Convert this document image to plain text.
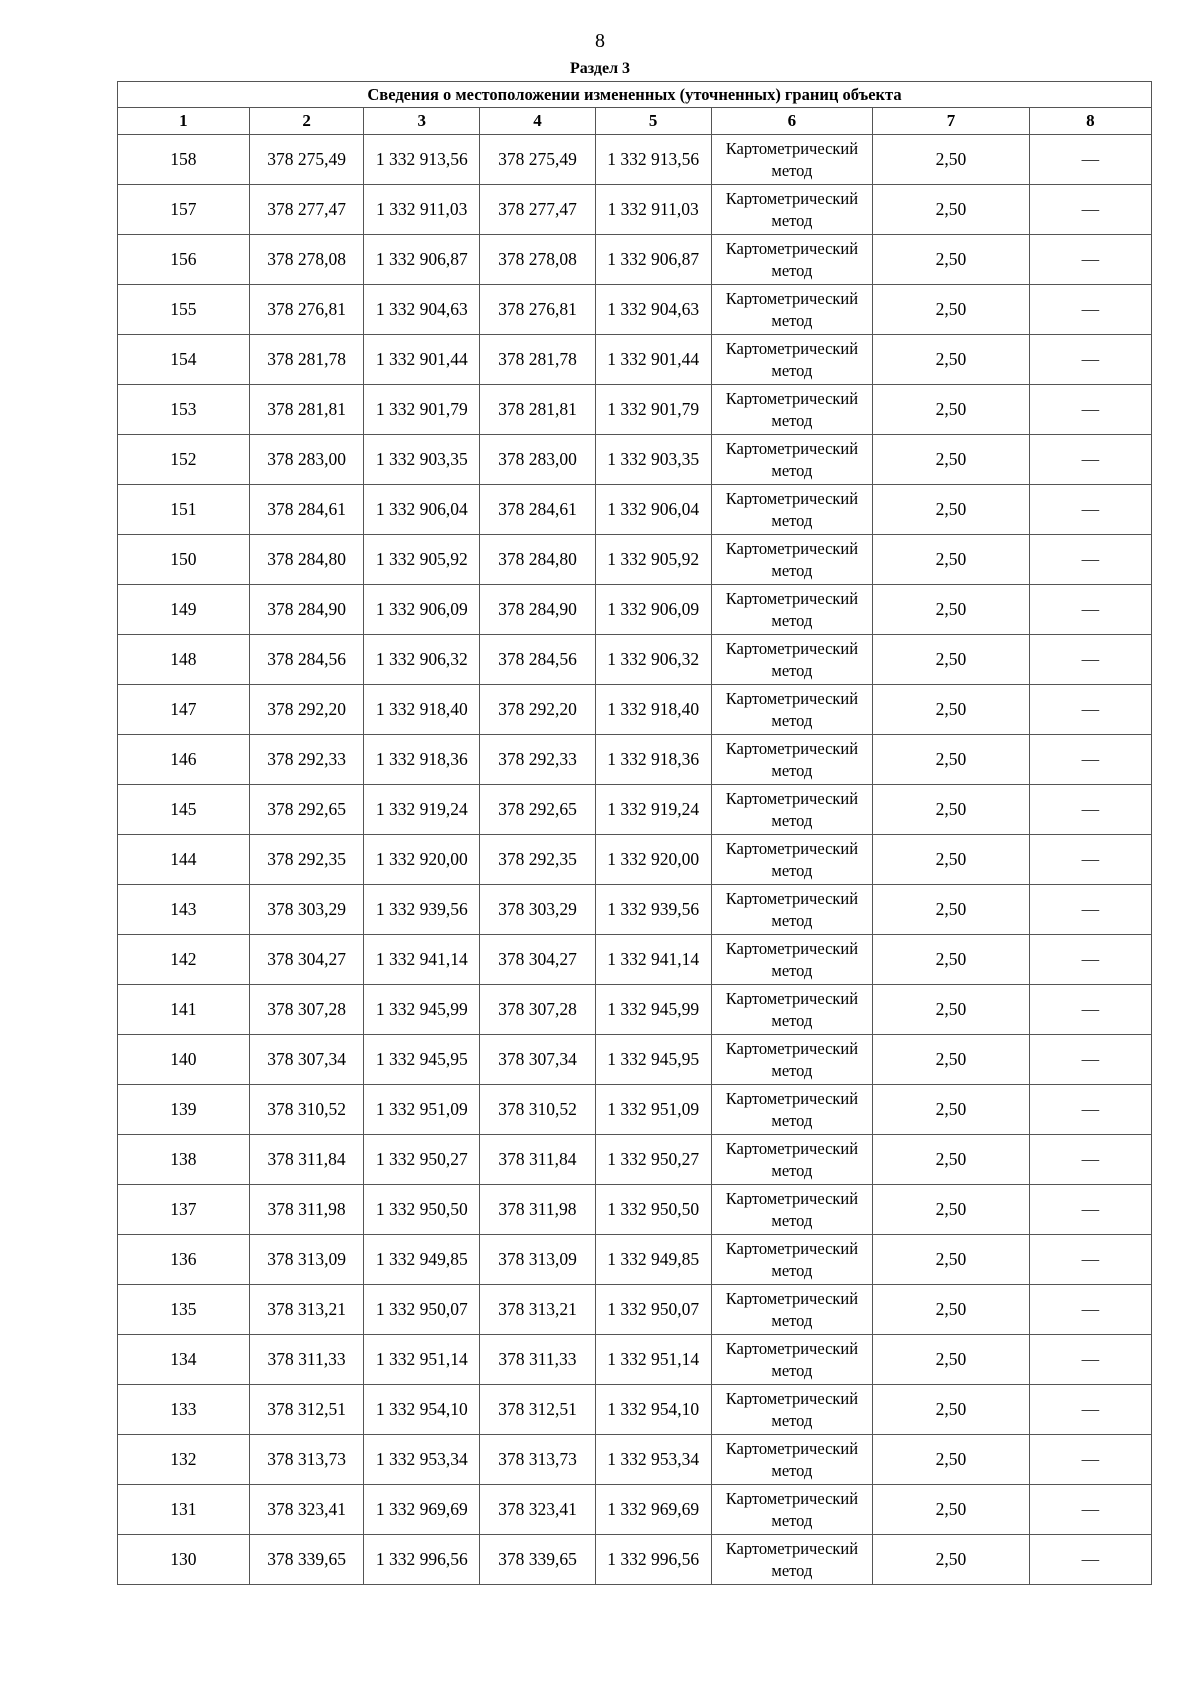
8
Раздел 3
Сведения о местоположении измененных (уточненных) границ объекта							
1	2	3	4	5	6	7	8
158	378 275,49	1 332 913,56	378 275,49	1 332 913,56	Картометрический метод	2,50	—
157	378 277,47	1 332 911,03	378 277,47	1 332 911,03	Картометрический метод	2,50	—
156	378 278,08	1 332 906,87	378 278,08	1 332 906,87	Картометрический метод	2,50	—
155	378 276,81	1 332 904,63	378 276,81	1 332 904,63	Картометрический метод	2,50	—
154	378 281,78	1 332 901,44	378 281,78	1 332 901,44	Картометрический метод	2,50	—
153	378 281,81	1 332 901,79	378 281,81	1 332 901,79	Картометрический метод	2,50	—
152	378 283,00	1 332 903,35	378 283,00	1 332 903,35	Картометрический метод	2,50	—
151	378 284,61	1 332 906,04	378 284,61	1 332 906,04	Картометрический метод	2,50	—
150	378 284,80	1 332 905,92	378 284,80	1 332 905,92	Картометрический метод	2,50	—
149	378 284,90	1 332 906,09	378 284,90	1 332 906,09	Картометрический метод	2,50	—
148	378 284,56	1 332 906,32	378 284,56	1 332 906,32	Картометрический метод	2,50	—
147	378 292,20	1 332 918,40	378 292,20	1 332 918,40	Картометрический метод	2,50	—
146	378 292,33	1 332 918,36	378 292,33	1 332 918,36	Картометрический метод	2,50	—
145	378 292,65	1 332 919,24	378 292,65	1 332 919,24	Картометрический метод	2,50	—
144	378 292,35	1 332 920,00	378 292,35	1 332 920,00	Картометрический метод	2,50	—
143	378 303,29	1 332 939,56	378 303,29	1 332 939,56	Картометрический метод	2,50	—
142	378 304,27	1 332 941,14	378 304,27	1 332 941,14	Картометрический метод	2,50	—
141	378 307,28	1 332 945,99	378 307,28	1 332 945,99	Картометрический метод	2,50	—
140	378 307,34	1 332 945,95	378 307,34	1 332 945,95	Картометрический метод	2,50	—
139	378 310,52	1 332 951,09	378 310,52	1 332 951,09	Картометрический метод	2,50	—
138	378 311,84	1 332 950,27	378 311,84	1 332 950,27	Картометрический метод	2,50	—
137	378 311,98	1 332 950,50	378 311,98	1 332 950,50	Картометрический метод	2,50	—
136	378 313,09	1 332 949,85	378 313,09	1 332 949,85	Картометрический метод	2,50	—
135	378 313,21	1 332 950,07	378 313,21	1 332 950,07	Картометрический метод	2,50	—
134	378 311,33	1 332 951,14	378 311,33	1 332 951,14	Картометрический метод	2,50	—
133	378 312,51	1 332 954,10	378 312,51	1 332 954,10	Картометрический метод	2,50	—
132	378 313,73	1 332 953,34	378 313,73	1 332 953,34	Картометрический метод	2,50	—
131	378 323,41	1 332 969,69	378 323,41	1 332 969,69	Картометрический метод	2,50	—
130	378 339,65	1 332 996,56	378 339,65	1 332 996,56	Картометрический метод	2,50	—
